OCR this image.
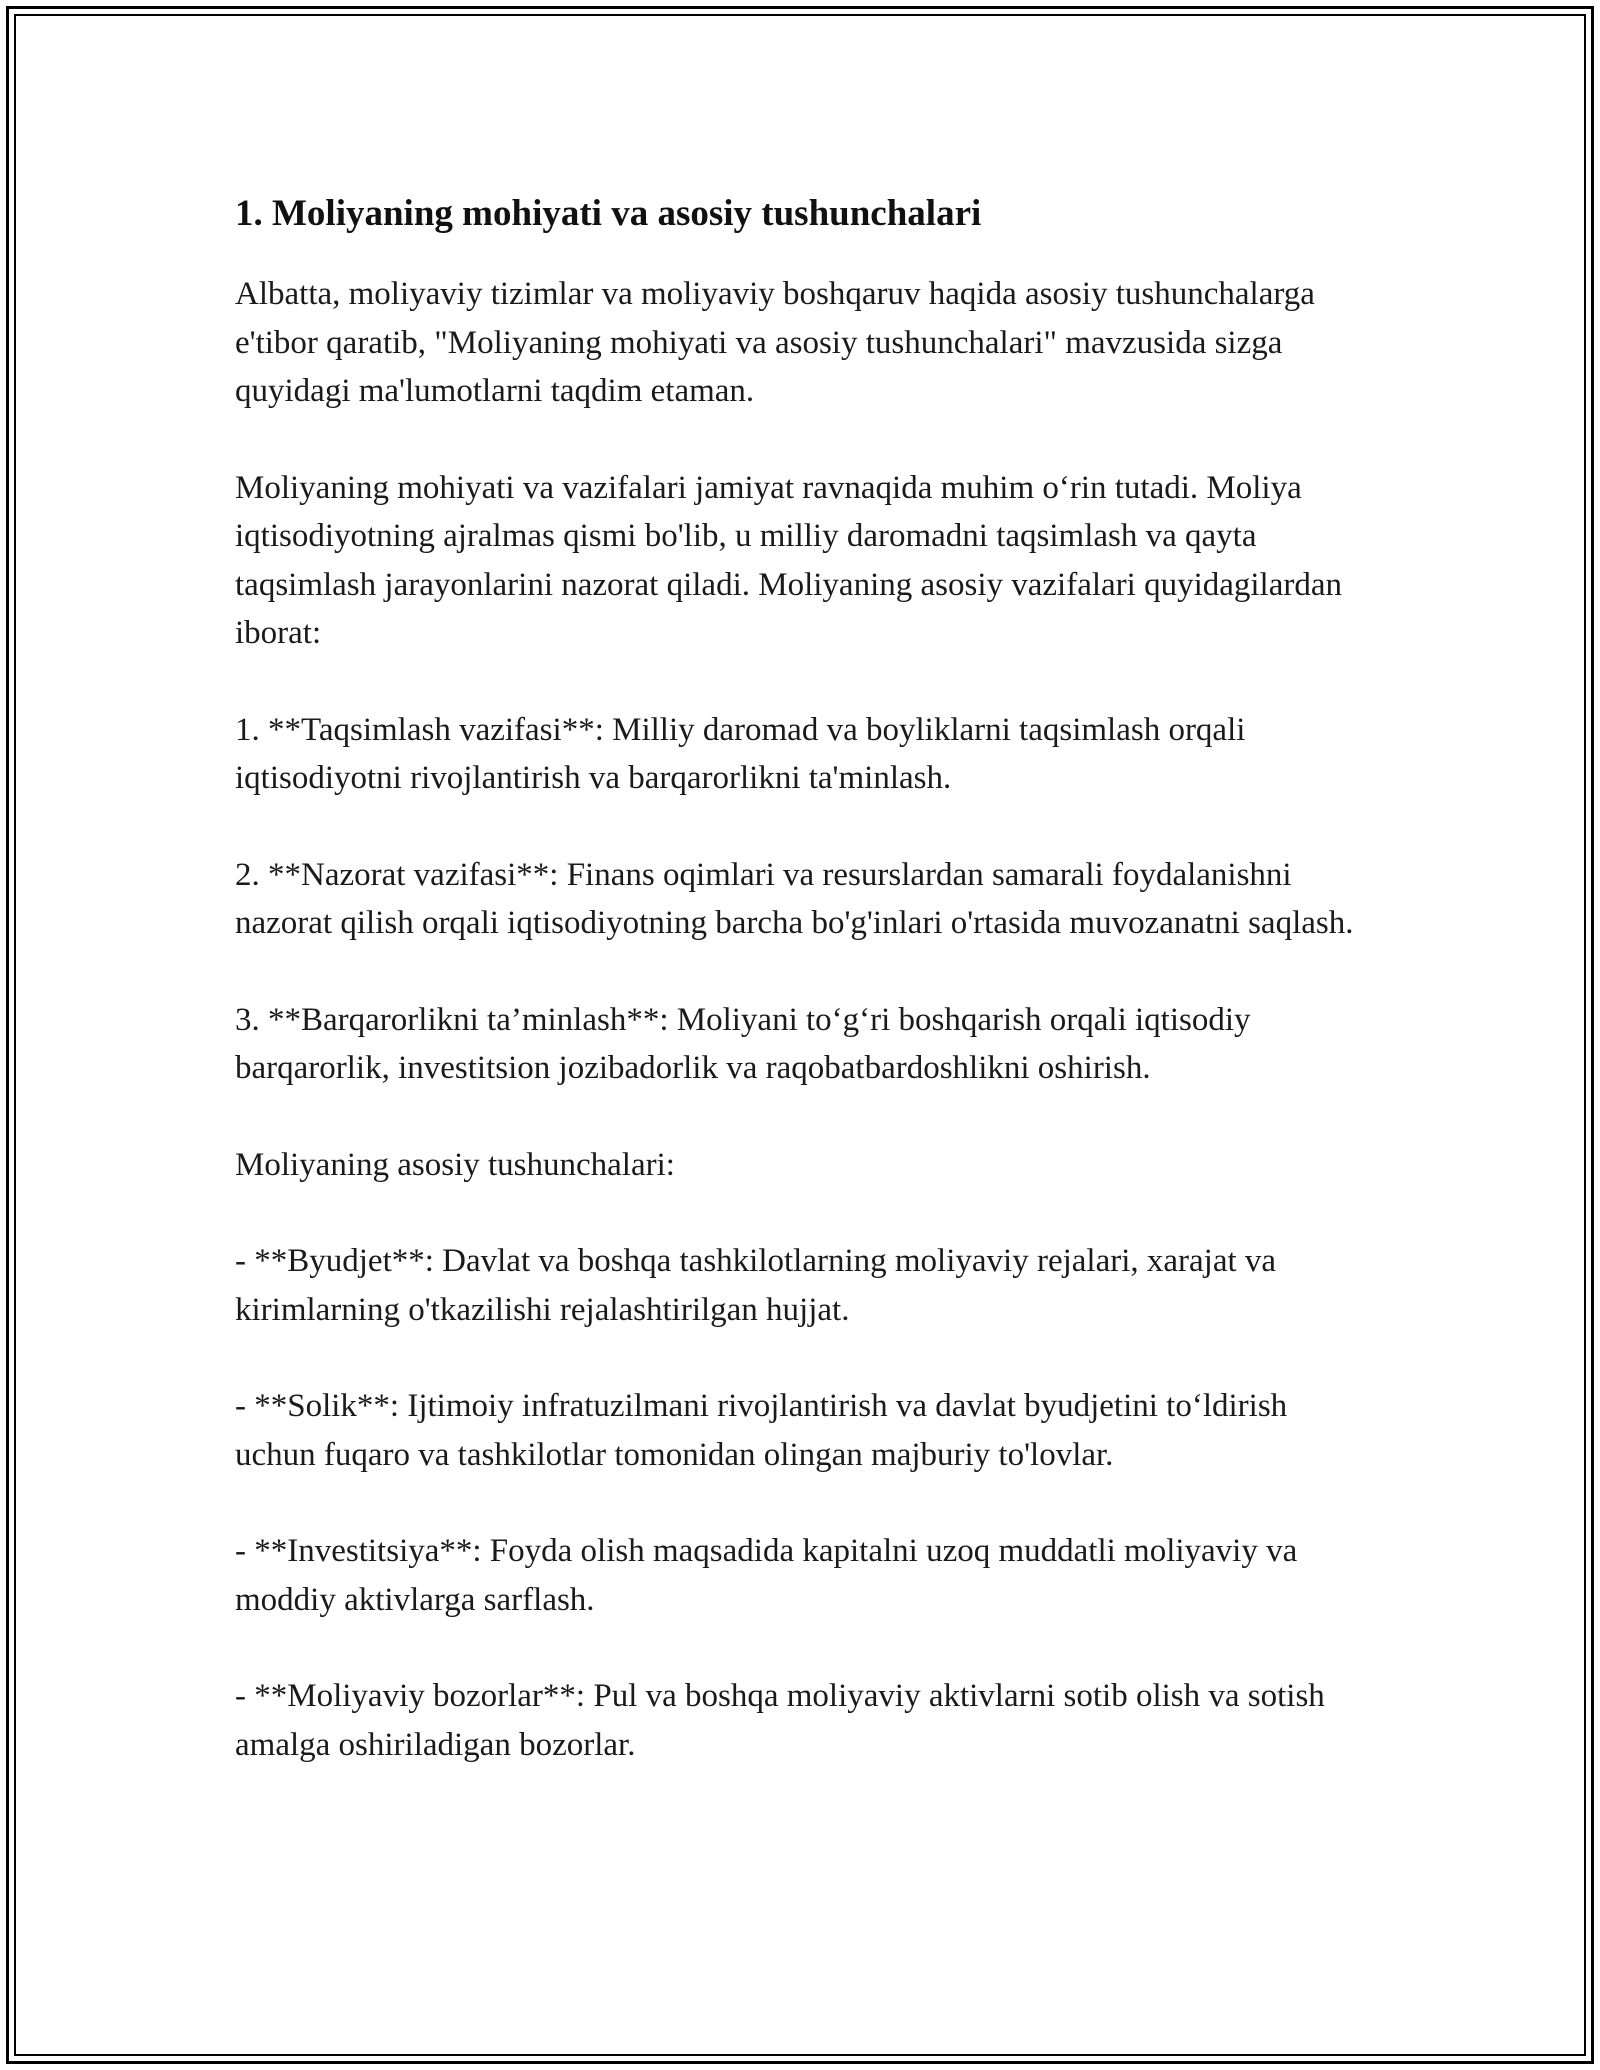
1. Moliyaning mohiyati va asosiy tushunchalari

Albatta, moliyaviy tizimlar va moliyaviy boshqaruv haqida asosiy tushunchalarga e'tibor qaratib, "Moliyaning mohiyati va asosiy tushunchalari" mavzusida sizga quyidagi ma'lumotlarni taqdim etaman.

Moliyaning mohiyati va vazifalari jamiyat ravnaqida muhim oʻrin tutadi. Moliya iqtisodiyotning ajralmas qismi bo'lib, u milliy daromadni taqsimlash va qayta taqsimlash jarayonlarini nazorat qiladi. Moliyaning asosiy vazifalari quyidagilardan iborat:

1. **Taqsimlash vazifasi**: Milliy daromad va boyliklarni taqsimlash orqali iqtisodiyotni rivojlantirish va barqarorlikni ta'minlash.

2. **Nazorat vazifasi**: Finans oqimlari va resurslardan samarali foydalanishni nazorat qilish orqali iqtisodiyotning barcha bo'g'inlari o'rtasida muvozanatni saqlash.

3. **Barqarorlikni ta’minlash**: Moliyani toʻgʻri boshqarish orqali iqtisodiy barqarorlik, investitsion jozibadorlik va raqobatbardoshlikni oshirish.

Moliyaning asosiy tushunchalari:

- **Byudjet**: Davlat va boshqa tashkilotlarning moliyaviy rejalari, xarajat va kirimlarning o'tkazilishi rejalashtirilgan hujjat.

- **Solik**: Ijtimoiy infratuzilmani rivojlantirish va davlat byudjetini toʻldirish uchun fuqaro va tashkilotlar tomonidan olingan majburiy to'lovlar.

- **Investitsiya**: Foyda olish maqsadida kapitalni uzoq muddatli moliyaviy va moddiy aktivlarga sarflash.

- **Moliyaviy bozorlar**: Pul va boshqa moliyaviy aktivlarni sotib olish va sotish amalga oshiriladigan bozorlar.
